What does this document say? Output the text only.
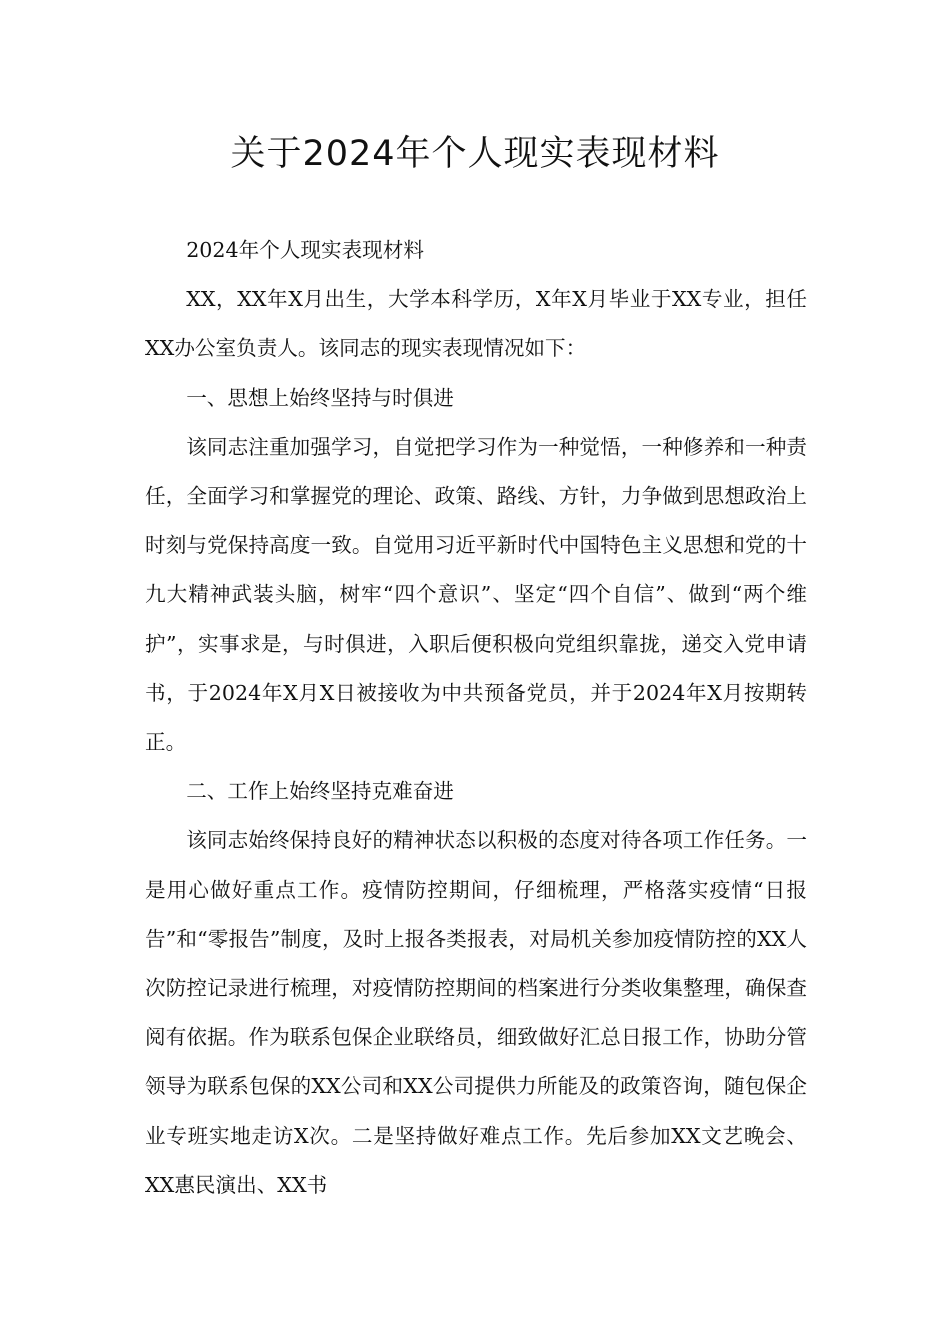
关于2024年个人现实表现材料

2024年个人现实表现材料

XX，XX年X月出生，大学本科学历，X年X月毕业于XX专业，担任XX办公室负责人。该同志的现实表现情况如下：

一、思想上始终坚持与时俱进

该同志注重加强学习，自觉把学习作为一种觉悟，一种修养和一种责任，全面学习和掌握党的理论、政策、路线、方针，力争做到思想政治上时刻与党保持高度一致。自觉用习近平新时代中国特色主义思想和党的十九大精神武装头脑，树牢“四个意识”、坚定“四个自信”、做到“两个维护”，实事求是，与时俱进，入职后便积极向党组织靠拢，递交入党申请书，于2024年X月X日被接收为中共预备党员，并于2024年X月按期转正。

二、工作上始终坚持克难奋进

该同志始终保持良好的精神状态以积极的态度对待各项工作任务。一是用心做好重点工作。疫情防控期间，仔细梳理，严格落实疫情“日报告”和“零报告”制度，及时上报各类报表，对局机关参加疫情防控的XX人次防控记录进行梳理，对疫情防控期间的档案进行分类收集整理，确保查阅有依据。作为联系包保企业联络员，细致做好汇总日报工作，协助分管领导为联系包保的XX公司和XX公司提供力所能及的政策咨询，随包保企业专班实地走访X次。二是坚持做好难点工作。先后参加XX文艺晚会、XX惠民演出、XX书
